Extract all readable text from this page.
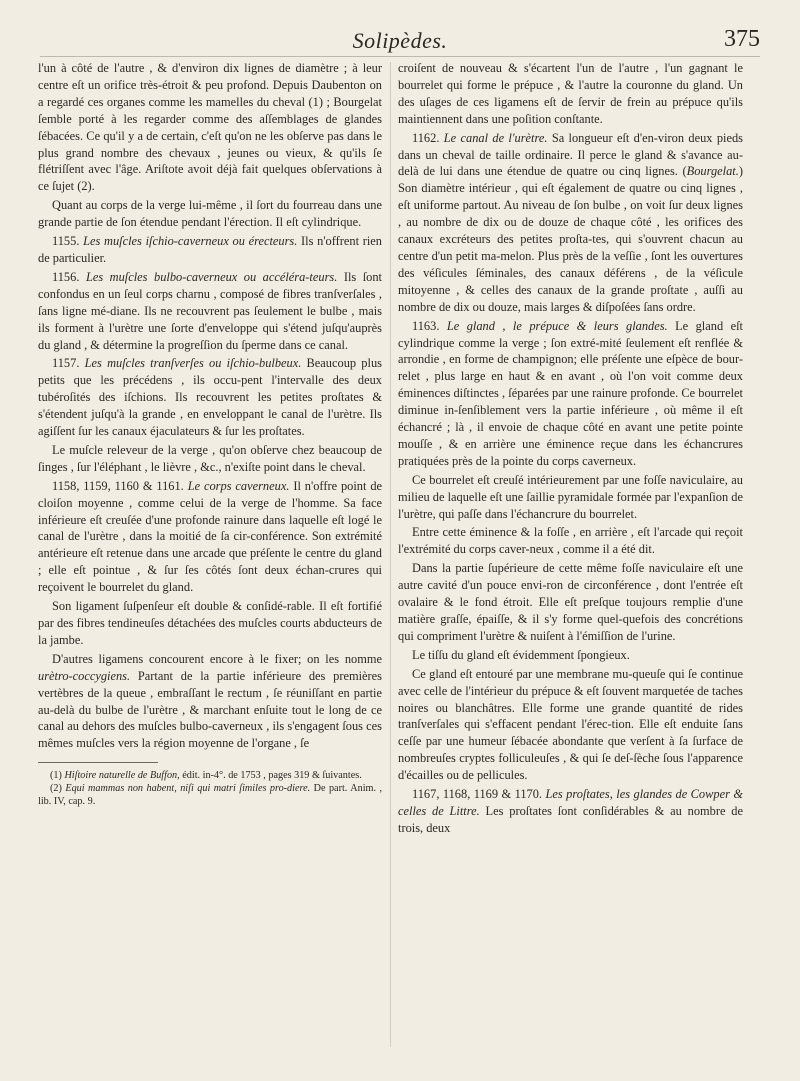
Solipèdes.	375

l'un à côté de l'autre , & d'environ dix lignes de diamètre ; à leur centre eſt un orifice très-étroit & peu profond. Depuis Daubenton on a regardé ces organes comme les mamelles du cheval (1) ; Bourgelat ſemble porté à les regarder comme des aſſemblages de glandes ſébacées. Ce qu'il y a de certain, c'eſt qu'on ne les obſerve pas dans le plus grand nombre des chevaux , jeunes ou vieux, & qu'ils ſe flétriſſent avec l'âge. Ariſtote avoit déjà fait quelques obſervations à ce ſujet (2).

Quant au corps de la verge lui-même , il ſort du fourreau dans une grande partie de ſon étendue pendant l'érection. Il eſt cylindrique.

1155. Les muſcles iſchio-caverneux ou érecteurs. Ils n'offrent rien de particulier.

1156. Les muſcles bulbo-caverneux ou accéléra-teurs. Ils ſont confondus en un ſeul corps charnu , composé de fibres tranſverſales , ſans ligne mé-diane. Ils ne recouvrent pas ſeulement le bulbe , mais ils forment à l'urètre une ſorte d'enveloppe qui s'étend juſqu'auprès du gland , & détermine la progreſſion du ſperme dans ce canal.

1157. Les muſcles tranſverſes ou iſchio-bulbeux. Beaucoup plus petits que les précédens , ils occu-pent l'intervalle des deux tubéroſités des iſchions. Ils recouvrent les petites proſtates & s'étendent juſqu'à la grande , en enveloppant le canal de l'urètre. Ils agiſſent ſur les canaux éjaculateurs & ſur les proſtates.

Le muſcle releveur de la verge , qu'on obſerve chez beaucoup de ſinges , ſur l'éléphant , le lièvre , &c., n'exiſte point dans le cheval.

1158, 1159, 1160 & 1161. Le corps caverneux. Il n'offre point de cloiſon moyenne , comme celui de la verge de l'homme. Sa face inférieure eſt creuſée d'une profonde rainure dans laquelle eſt logé le canal de l'urètre , dans la moitié de ſa cir-conférence. Son extrémité antérieure eſt retenue dans une arcade que préſente le centre du gland ; elle eſt pointue , & ſur ſes côtés ſont deux échan-crures qui reçoivent le bourrelet du gland.

Son ligament ſuſpenſeur eſt double & conſidé-rable. Il eſt fortifié par des fibres tendineuſes détachées des muſcles courts abducteurs de la jambe.

D'autres ligamens concourent encore à le fixer; on les nomme urètro-coccygiens. Partant de la partie inférieure des premières vertèbres de la queue , embraſſant le rectum , ſe réuniſſant en partie au-delà du bulbe de l'urètre , & marchant enſuite tout le long de ce canal au dehors des muſcles bulbo-caverneux , ils s'engagent ſous ces mêmes muſcles vers la région moyenne de l'organe , ſe

(1) Hiſtoire naturelle de Buffon, édit. in-4°. de 1753 , pages 319 & ſuivantes.
(2) Equi mammas non habent, niſi qui matri ſimiles pro-diere. De part. Anim. , lib. IV, cap. 9.

croiſent de nouveau & s'écartent l'un de l'autre , l'un gagnant le bourrelet qui forme le prépuce , & l'autre la couronne du gland. Un des uſages de ces ligamens eſt de ſervir de frein au prépuce qu'ils maintiennent dans une poſition conſtante.

1162. Le canal de l'urètre. Sa longueur eſt d'en-viron deux pieds dans un cheval de taille ordinaire. Il perce le gland & s'avance au-delà de lui dans une étendue de quatre ou cinq lignes. (Bourgelat.) Son diamètre intérieur , qui eſt également de quatre ou cinq lignes , eſt uniforme partout. Au niveau de ſon bulbe , on voit ſur deux lignes , au nombre de dix ou de douze de chaque côté , les orifices des canaux excréteurs des petites proſta-tes, qui s'ouvrent chacun au centre d'un petit ma-melon. Plus près de la veſſie , ſont les ouvertures des véſicules ſéminales, des canaux déférens , de la véſicule mitoyenne , & celles des canaux de la grande proſtate , auſſi au nombre de dix ou douze, mais larges & diſpoſées ſans ordre.

1163. Le gland , le prépuce & leurs glandes. Le gland eſt cylindrique comme la verge ; ſon extré-mité ſeulement eſt renflée & arrondie , en forme de champignon; elle préſente une eſpèce de bour-relet , plus large en haut & en avant , où l'on voit comme deux éminences diſtinctes , ſéparées par une rainure profonde. Ce bourrelet diminue in-ſenſiblement vers la partie inférieure , où même il eſt échancré ; là , il envoie de chaque côté en avant une petite pointe mouſſe , & en arrière une éminence reçue dans les échancrures pratiquées près de la pointe du corps caverneux.

Ce bourrelet eſt creuſé intérieurement par une foſſe naviculaire, au milieu de laquelle eſt une ſaillie pyramidale formée par l'expanſion de l'urètre, qui paſſe dans l'échancrure du bourrelet.

Entre cette éminence & la foſſe , en arrière , eſt l'arcade qui reçoit l'extrémité du corps caver-neux , comme il a été dit.

Dans la partie ſupérieure de cette même foſſe naviculaire eſt une autre cavité d'un pouce envi-ron de circonférence , dont l'entrée eſt ovalaire & le fond étroit. Elle eſt preſque toujours remplie d'une matière graſſe, épaiſſe, & il s'y forme quel-quefois des concrétions qui compriment l'urètre & nuiſent à l'émiſſion de l'urine.

Le tiſſu du gland eſt évidemment ſpongieux.

Ce gland eſt entouré par une membrane mu-queuſe qui ſe continue avec celle de l'intérieur du prépuce & eſt ſouvent marquetée de taches noires ou blanchâtres. Elle forme une grande quantité de rides tranſverſales qui s'effacent pendant l'érec-tion. Elle eſt enduite ſans ceſſe par une humeur ſébacée abondante que verſent à ſa ſurface de nombreuſes cryptes folliculeuſes , & qui ſe deſ-ſèche ſous l'apparence d'écailles ou de pellicules.

1167, 1168, 1169 & 1170. Les proſtates, les glandes de Cowper & celles de Littre. Les proſtates ſont conſidérables & au nombre de trois, deux
